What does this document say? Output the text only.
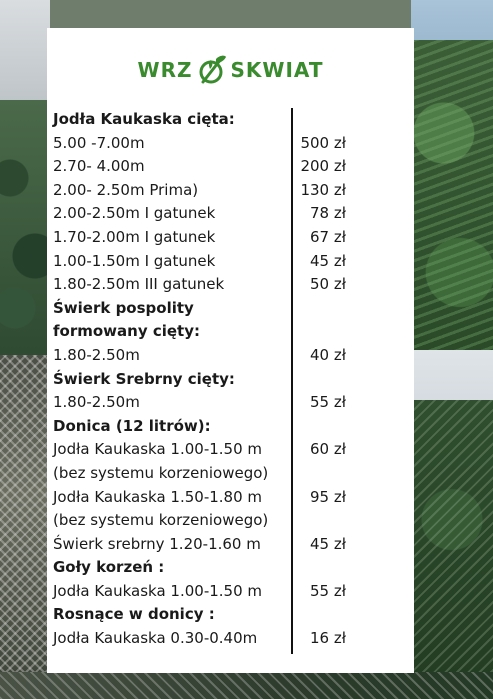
WRZ SKWIAT
Jodła Kaukaska cięta:
5.00 -7.00m	500 zł
2.70- 4.00m	200 zł
2.00- 2.50m Prima)	130 zł
2.00-2.50m I gatunek	78 zł
1.70-2.00m I gatunek	67 zł
1.00-1.50m I gatunek	45 zł
1.80-2.50m III gatunek	50 zł
Świerk pospolity
formowany cięty:
1.80-2.50m	40 zł
Świerk Srebrny cięty:
1.80-2.50m	55 zł
Donica (12 litrów):
Jodła Kaukaska 1.00-1.50 m	60 zł
(bez systemu korzeniowego)
Jodła Kaukaska 1.50-1.80 m	95 zł
(bez systemu korzeniowego)
Świerk srebrny 1.20-1.60 m	45 zł
Goły korzeń :
Jodła Kaukaska 1.00-1.50 m	55 zł
Rosnące w donicy :
Jodła Kaukaska 0.30-0.40m	16 zł
